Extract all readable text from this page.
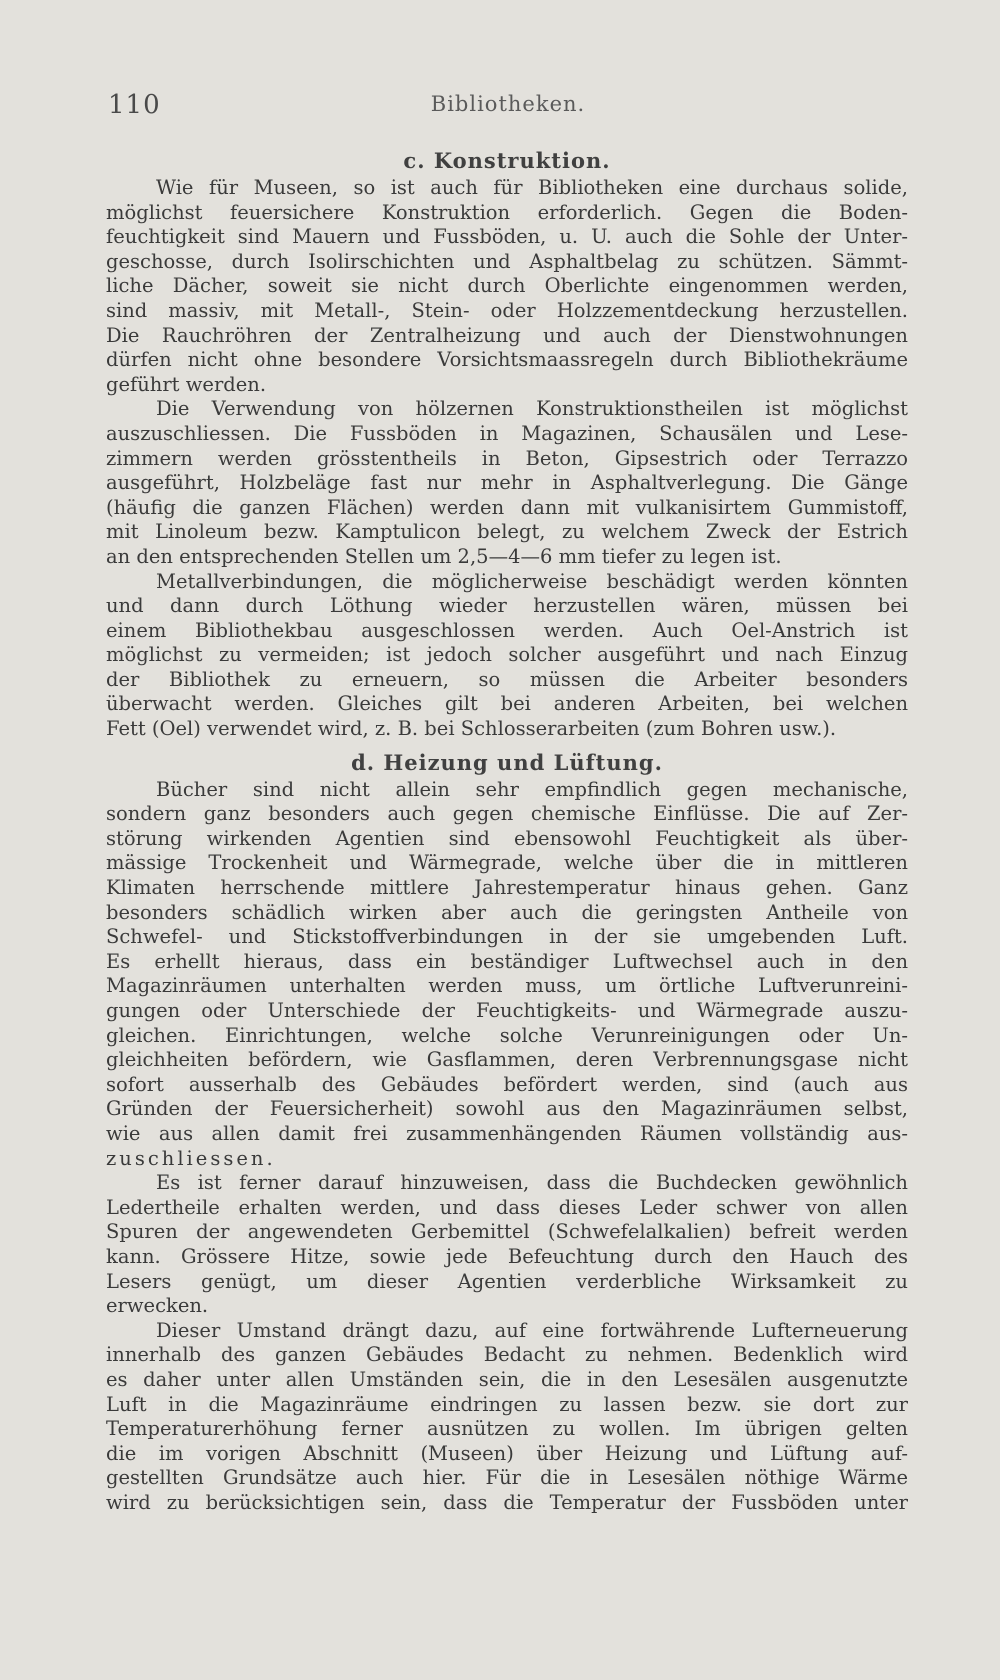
110	Bibliotheken.
c. Konstruktion.
Wie für Museen, so ist auch für Bibliotheken eine durchaus solide,
möglichst feuersichere Konstruktion erforderlich. Gegen die Boden-
feuchtigkeit sind Mauern und Fussböden, u. U. auch die Sohle der Unter-
geschosse, durch Isolirschichten und Asphaltbelag zu schützen. Sämmt-
liche Dächer, soweit sie nicht durch Oberlichte eingenommen werden,
sind massiv, mit Metall-, Stein- oder Holzzementdeckung herzustellen.
Die Rauchröhren der Zentralheizung und auch der Dienstwohnungen
dürfen nicht ohne besondere Vorsichtsmaassregeln durch Bibliothekräume
geführt werden.
Die Verwendung von hölzernen Konstruktionstheilen ist möglichst
auszuschliessen. Die Fussböden in Magazinen, Schausälen und Lese-
zimmern werden grösstentheils in Beton, Gipsestrich oder Terrazzo
ausgeführt, Holzbeläge fast nur mehr in Asphaltverlegung. Die Gänge
(häufig die ganzen Flächen) werden dann mit vulkanisirtem Gummistoff,
mit Linoleum bezw. Kamptulicon belegt, zu welchem Zweck der Estrich
an den entsprechenden Stellen um 2,5—4—6 mm tiefer zu legen ist.
Metallverbindungen, die möglicherweise beschädigt werden könnten
und dann durch Löthung wieder herzustellen wären, müssen bei
einem Bibliothekbau ausgeschlossen werden. Auch Oel-Anstrich ist
möglichst zu vermeiden; ist jedoch solcher ausgeführt und nach Einzug
der Bibliothek zu erneuern, so müssen die Arbeiter besonders
überwacht werden. Gleiches gilt bei anderen Arbeiten, bei welchen
Fett (Oel) verwendet wird, z. B. bei Schlosserarbeiten (zum Bohren usw.).
d. Heizung und Lüftung.
Bücher sind nicht allein sehr empfindlich gegen mechanische,
sondern ganz besonders auch gegen chemische Einflüsse. Die auf Zer-
störung wirkenden Agentien sind ebensowohl Feuchtigkeit als über-
mässige Trockenheit und Wärmegrade, welche über die in mittleren
Klimaten herrschende mittlere Jahrestemperatur hinaus gehen. Ganz
besonders schädlich wirken aber auch die geringsten Antheile von
Schwefel- und Stickstoffverbindungen in der sie umgebenden Luft.
Es erhellt hieraus, dass ein beständiger Luftwechsel auch in den
Magazinräumen unterhalten werden muss, um örtliche Luftverunreini-
gungen oder Unterschiede der Feuchtigkeits- und Wärmegrade auszu-
gleichen. Einrichtungen, welche solche Verunreinigungen oder Un-
gleichheiten befördern, wie Gasflammen, deren Verbrennungsgase nicht
sofort ausserhalb des Gebäudes befördert werden, sind (auch aus
Gründen der Feuersicherheit) sowohl aus den Magazinräumen selbst,
wie aus allen damit frei zusammenhängenden Räumen vollständig aus-
zuschliessen.
Es ist ferner darauf hinzuweisen, dass die Buchdecken gewöhnlich
Ledertheile erhalten werden, und dass dieses Leder schwer von allen
Spuren der angewendeten Gerbemittel (Schwefelalkalien) befreit werden
kann. Grössere Hitze, sowie jede Befeuchtung durch den Hauch des
Lesers genügt, um dieser Agentien verderbliche Wirksamkeit zu
erwecken.
Dieser Umstand drängt dazu, auf eine fortwährende Lufterneuerung
innerhalb des ganzen Gebäudes Bedacht zu nehmen. Bedenklich wird
es daher unter allen Umständen sein, die in den Lesesälen ausgenutzte
Luft in die Magazinräume eindringen zu lassen bezw. sie dort zur
Temperaturerhöhung ferner ausnützen zu wollen. Im übrigen gelten
die im vorigen Abschnitt (Museen) über Heizung und Lüftung auf-
gestellten Grundsätze auch hier. Für die in Lesesälen nöthige Wärme
wird zu berücksichtigen sein, dass die Temperatur der Fussböden unter
